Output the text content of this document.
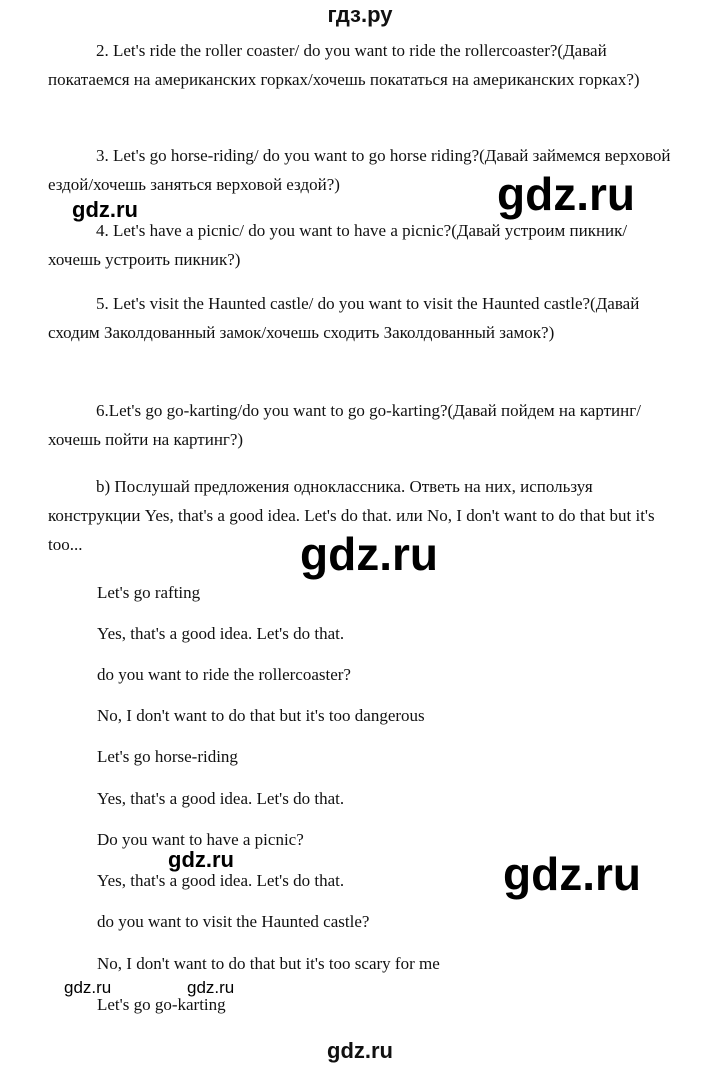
гдз.ру
2. Let's ride the roller coaster/ do you want to ride the rollercoaster?(Давай покатаемся на американских горках/хочешь покататься на американских горках?)
3. Let's go horse-riding/ do you want to go horse riding?(Давай займемся верховой ездой/хочешь заняться верховой ездой?)
4. Let's have a picnic/ do you want to have a picnic?(Давай устроим пикник/ хочешь устроить пикник?)
5. Let's visit the Haunted castle/ do you want to visit the Haunted castle?(Давай сходим Заколдованный замок/хочешь сходить Заколдованный замок?)
6.Let's go go-karting/do you want to go go-karting?(Давай пойдем на картинг/ хочешь пойти на картинг?)
b) Послушай предложения одноклассника. Ответь на них, используя конструкции Yes, that's a good idea. Let's do that. или No, I don't want to do that but it's too...
Let's go rafting
Yes, that's a good idea. Let's do that.
do you want to ride the rollercoaster?
No, I don't want to do that but it's too dangerous
Let's go horse-riding
Yes, that's a good idea. Let's do that.
Do you want to have a picnic?
Yes, that's a good idea. Let's do that.
do you want to visit the Haunted castle?
No, I don't want to do that but it's too scary for me
Let's go go-karting
gdz.ru
gdz.ru
gdz.ru
gdz.ru	gdz.ru
gdz.ru	gdz.ru
gdz.ru
